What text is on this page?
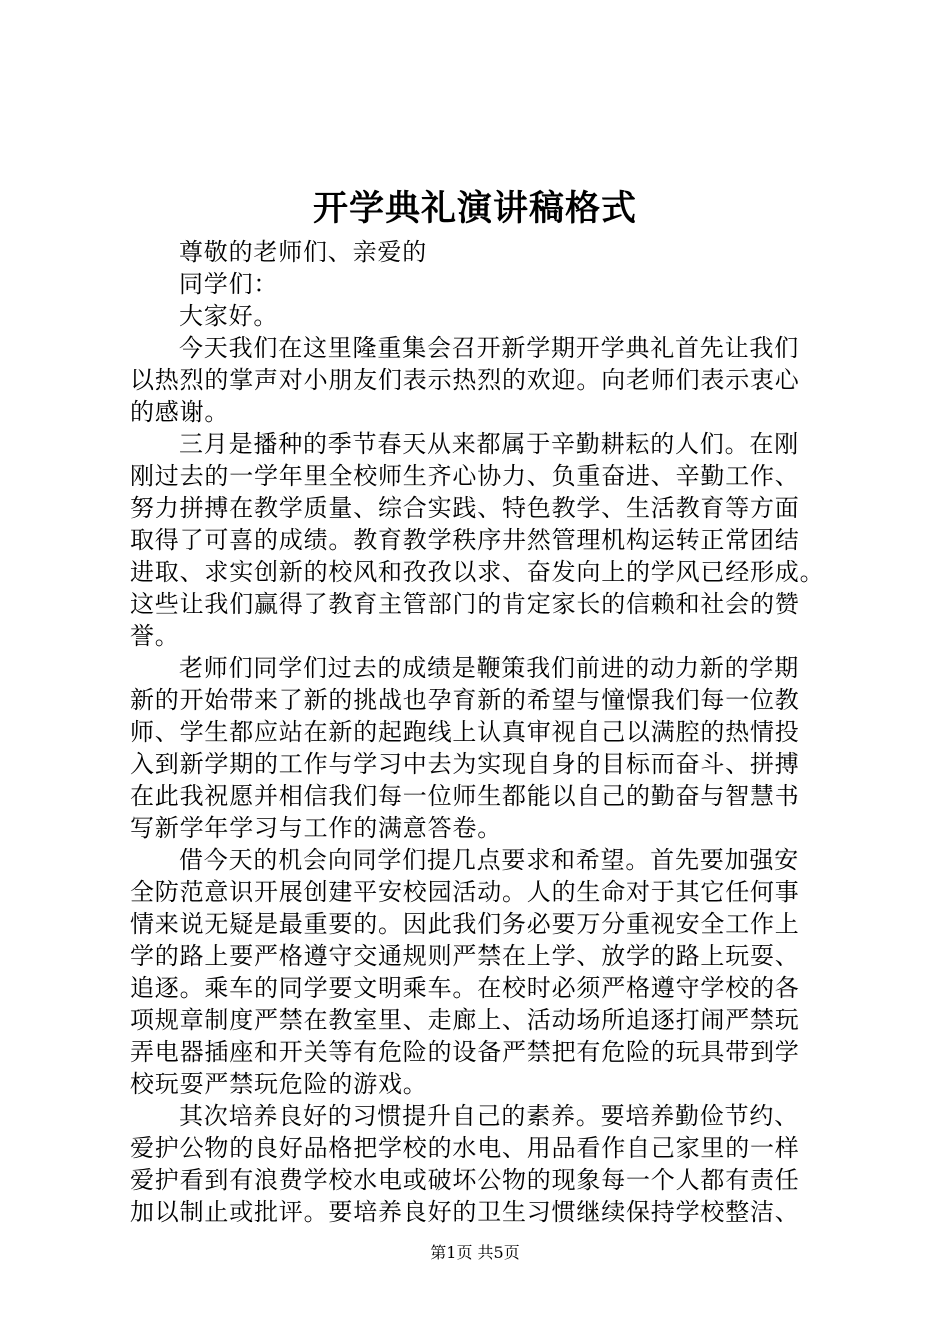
开学典礼演讲稿格式
尊敬的老师们、亲爱的
同学们：
大家好。
今天我们在这里隆重集会召开新学期开学典礼首先让我们
以热烈的掌声对小朋友们表示热烈的欢迎。向老师们表示衷心
的感谢。
三月是播种的季节春天从来都属于辛勤耕耘的人们。在刚
刚过去的一学年里全校师生齐心协力、负重奋进、辛勤工作、
努力拼搏在教学质量、综合实践、特色教学、生活教育等方面
取得了可喜的成绩。教育教学秩序井然管理机构运转正常团结
进取、求实创新的校风和孜孜以求、奋发向上的学风已经形成。
这些让我们赢得了教育主管部门的肯定家长的信赖和社会的赞
誉。
老师们同学们过去的成绩是鞭策我们前进的动力新的学期
新的开始带来了新的挑战也孕育新的希望与憧憬我们每一位教
师、学生都应站在新的起跑线上认真审视自己以满腔的热情投
入到新学期的工作与学习中去为实现自身的目标而奋斗、拼搏
在此我祝愿并相信我们每一位师生都能以自己的勤奋与智慧书
写新学年学习与工作的满意答卷。
借今天的机会向同学们提几点要求和希望。首先要加强安
全防范意识开展创建平安校园活动。人的生命对于其它任何事
情来说无疑是最重要的。因此我们务必要万分重视安全工作上
学的路上要严格遵守交通规则严禁在上学、放学的路上玩耍、
追逐。乘车的同学要文明乘车。在校时必须严格遵守学校的各
项规章制度严禁在教室里、走廊上、活动场所追逐打闹严禁玩
弄电器插座和开关等有危险的设备严禁把有危险的玩具带到学
校玩耍严禁玩危险的游戏。
其次培养良好的习惯提升自己的素养。要培养勤俭节约、
爱护公物的良好品格把学校的水电、用品看作自己家里的一样
爱护看到有浪费学校水电或破坏公物的现象每一个人都有责任
加以制止或批评。要培养良好的卫生习惯继续保持学校整洁、
第1页 共5页
